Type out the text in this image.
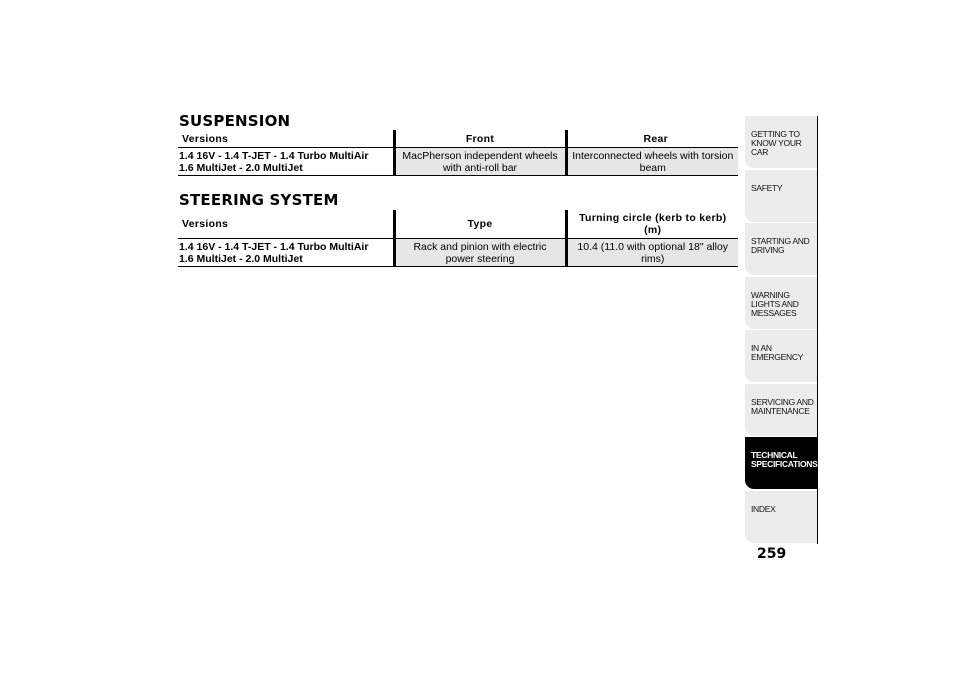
SUSPENSION
Versions	Front	Rear

1.4 16V - 1.4 T-JET - 1.4 Turbo MultiAir
1.6 MultiJet - 2.0 MultiJet	MacPherson independent wheels with anti-roll bar	Interconnected wheels with torsion beam
STEERING SYSTEM
Versions	Type	Turning circle (kerb to kerb) (m)

1.4 16V - 1.4 T-JET - 1.4 Turbo MultiAir
1.6 MultiJet - 2.0 MultiJet	Rack and pinion with electric power steering	10.4 (11.0 with optional 18" alloy rims)
GETTING TO KNOW YOUR CAR
SAFETY
STARTING AND DRIVING
WARNING LIGHTS AND MESSAGES
IN AN EMERGENCY
SERVICING AND MAINTENANCE
TECHNICAL SPECIFICATIONS
INDEX
259
